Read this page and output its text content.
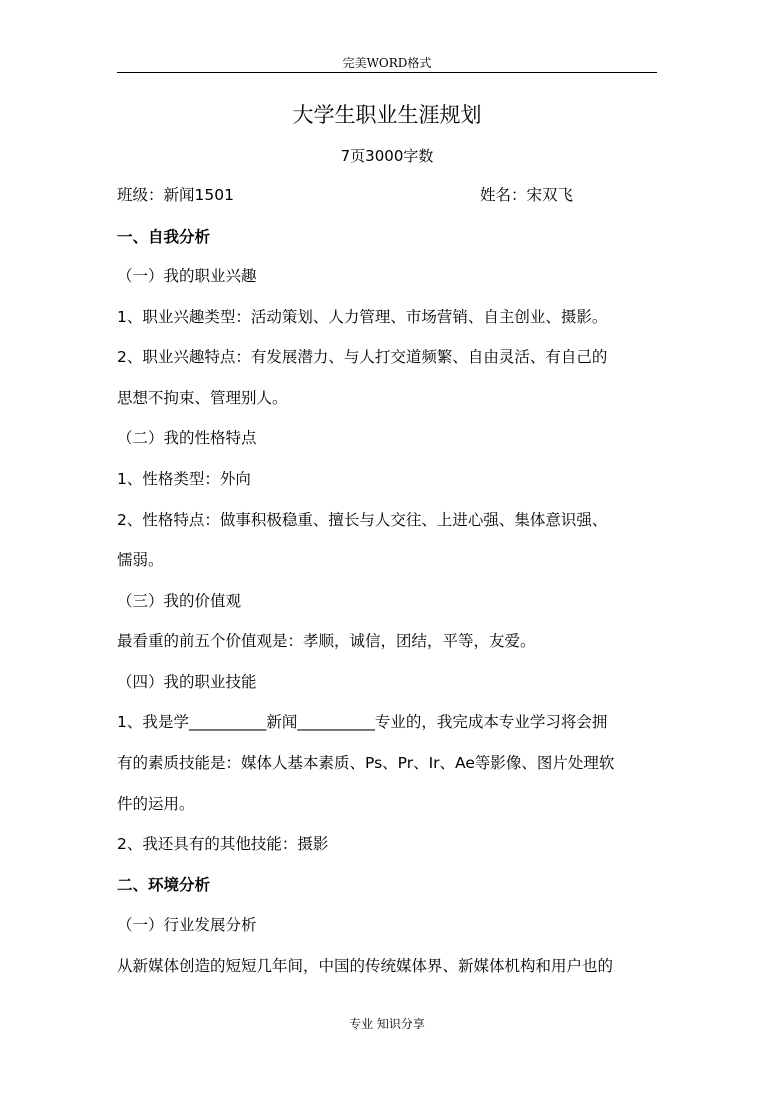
完美WORD格式
大学生职业生涯规划
7页3000字数
班级：新闻1501	姓名：宋双飞
一、自我分析
（一）我的职业兴趣
1、职业兴趣类型：活动策划、人力管理、市场营销、自主创业、摄影。
2、职业兴趣特点：有发展潜力、与人打交道频繁、自由灵活、有自己的
思想不拘束、管理别人。
（二）我的性格特点
1、性格类型：外向
2、性格特点：做事积极稳重、擅长与人交往、上进心强、集体意识强、
懦弱。
（三）我的价值观
最看重的前五个价值观是：孝顺，诚信，团结，平等，友爱。
（四）我的职业技能
1、我是学__________新闻__________专业的，我完成本专业学习将会拥
有的素质技能是：媒体人基本素质、Ps、Pr、Ir、Ae等影像、图片处理软
件的运用。
2、我还具有的其他技能：摄影
二、环境分析
（一）行业发展分析
从新媒体创造的短短几年间，中国的传统媒体界、新媒体机构和用户也的
专业 知识分享
